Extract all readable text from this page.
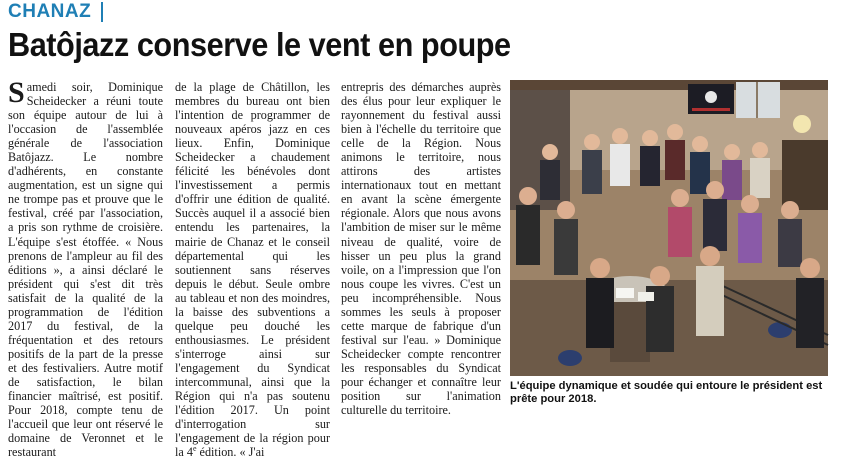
CHANAZ
Batôjazz conserve le vent en poupe

Samedi soir, Dominique Scheidecker a réuni toute son équipe autour de lui à l'occasion de l'assemblée générale de l'association Batôjazz. Le nombre d'adhérents, en constante augmentation, est un signe qui ne trompe pas et prouve que le festival, créé par l'association, a pris son rythme de croisière. L'équipe s'est étoffée. « Nous prenons de l'ampleur au fil des éditions », a ainsi déclaré le président qui s'est dit très satisfait de la qualité de la programmation de l'édition 2017 du festival, de la fréquentation et des retours positifs de la part de la presse et des festivaliers. Autre motif de satisfaction, le bilan financier maîtrisé, est positif. Pour 2018, compte tenu de l'accueil que leur ont réservé le domaine de Veronnet et le restaurant

de la plage de Châtillon, les membres du bureau ont bien l'intention de programmer de nouveaux apéros jazz en ces lieux. Enfin, Dominique Scheidecker a chaudement félicité les bénévoles dont l'investissement a permis d'offrir une édition de qualité. Succès auquel il a associé bien entendu les partenaires, la mairie de Chanaz et le conseil départemental qui les soutiennent sans réserves depuis le début. Seule ombre au tableau et non des moindres, la baisse des subventions a quelque peu douché les enthousiasmes. Le président s'interroge ainsi sur l'engagement du Syndicat intercommunal, ainsi que la Région qui n'a pas soutenu l'édition 2017. Un point d'interrogation sur l'engagement de la région pour la 4e édition. « J'ai

entrepris des démarches auprès des élus pour leur expliquer le rayonnement du festival aussi bien à l'échelle du territoire que celle de la Région. Nous animons le territoire, nous attirons des artistes internationaux tout en mettant en avant la scène émergente régionale. Alors que nous avons l'ambition de miser sur le même niveau de qualité, voire de hisser un peu plus la grand voile, on a l'impression que l'on nous coupe les vivres. C'est un peu incompréhensible. Nous sommes les seuls à proposer cette marque de fabrique d'un festival sur l'eau. » Dominique Scheidecker compte rencontrer les responsables du Syndicat pour échanger et connaître leur position sur l'animation culturelle du territoire.

L'équipe dynamique et soudée qui entoure le président est prête pour 2018.
